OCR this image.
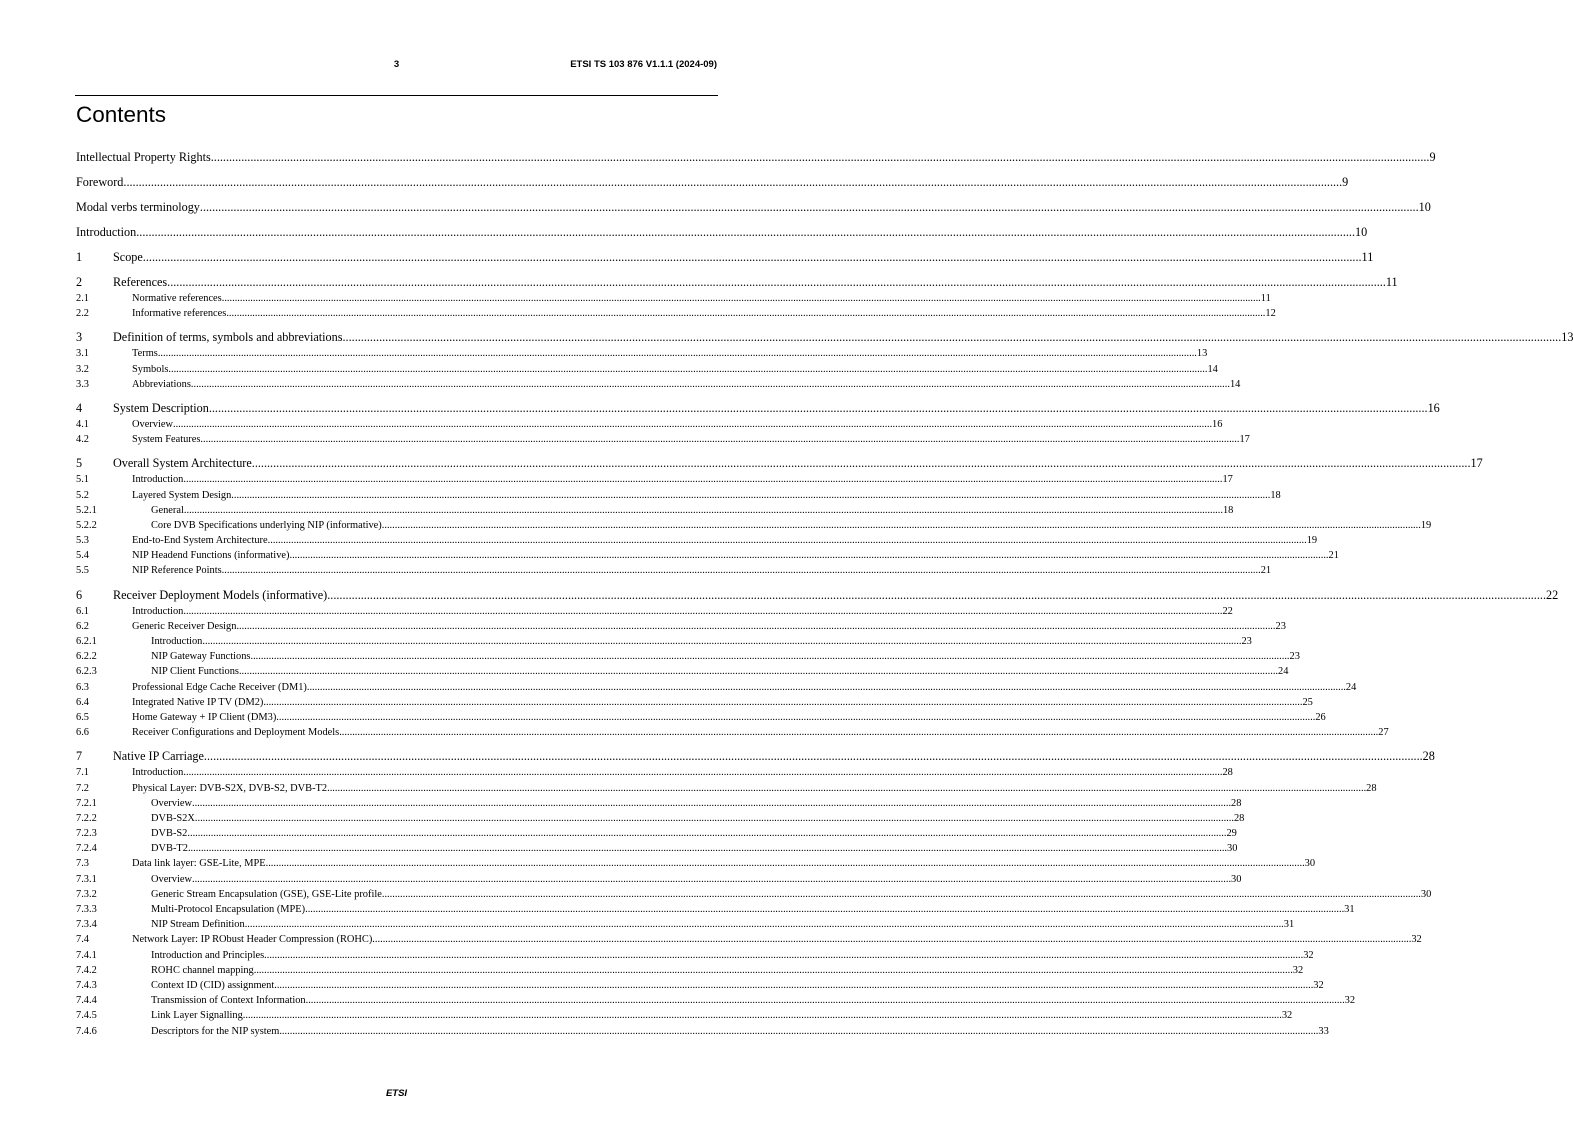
3	ETSI TS 103 876 V1.1.1 (2024-09)
Contents
Intellectual Property Rights ................................................................................................................................................................................................................................................................................................................................................................................................................ 9
Foreword ................................................................................................................................................................................................................................................................................................................................................................................................................ 9
Modal verbs terminology ................................................................................................................................................................................................................................................................................................................................................................................................................ 10
Introduction ................................................................................................................................................................................................................................................................................................................................................................................................................ 10
1	Scope ................................................................................................................................................................................................................................................................................................................................................................................................................ 11
2	References ................................................................................................................................................................................................................................................................................................................................................................................................................ 11
2.1	Normative references ................................................................................................................................................................................................................................................................................................................................................................................................................ 11
2.2	Informative references ................................................................................................................................................................................................................................................................................................................................................................................................................ 12
3	Definition of terms, symbols and abbreviations ................................................................................................................................................................................................................................................................................................................................................................................................................ 13
3.1	Terms ................................................................................................................................................................................................................................................................................................................................................................................................................ 13
3.2	Symbols ................................................................................................................................................................................................................................................................................................................................................................................................................ 14
3.3	Abbreviations ................................................................................................................................................................................................................................................................................................................................................................................................................ 14
4	System Description ................................................................................................................................................................................................................................................................................................................................................................................................................ 16
4.1	Overview ................................................................................................................................................................................................................................................................................................................................................................................................................ 16
4.2	System Features ................................................................................................................................................................................................................................................................................................................................................................................................................ 17
5	Overall System Architecture ................................................................................................................................................................................................................................................................................................................................................................................................................ 17
5.1	Introduction ................................................................................................................................................................................................................................................................................................................................................................................................................ 17
5.2	Layered System Design ................................................................................................................................................................................................................................................................................................................................................................................................................ 18
5.2.1	General ................................................................................................................................................................................................................................................................................................................................................................................................................ 18
5.2.2	Core DVB Specifications underlying NIP (informative) ................................................................................................................................................................................................................................................................................................................................................................................................................ 19
5.3	End-to-End System Architecture ................................................................................................................................................................................................................................................................................................................................................................................................................ 19
5.4	NIP Headend Functions (informative) ................................................................................................................................................................................................................................................................................................................................................................................................................ 21
5.5	NIP Reference Points ................................................................................................................................................................................................................................................................................................................................................................................................................ 21
6	Receiver Deployment Models (informative) ................................................................................................................................................................................................................................................................................................................................................................................................................ 22
6.1	Introduction ................................................................................................................................................................................................................................................................................................................................................................................................................ 22
6.2	Generic Receiver Design ................................................................................................................................................................................................................................................................................................................................................................................................................ 23
6.2.1	Introduction ................................................................................................................................................................................................................................................................................................................................................................................................................ 23
6.2.2	NIP Gateway Functions ................................................................................................................................................................................................................................................................................................................................................................................................................ 23
6.2.3	NIP Client Functions ................................................................................................................................................................................................................................................................................................................................................................................................................ 24
6.3	Professional Edge Cache Receiver (DM1) ................................................................................................................................................................................................................................................................................................................................................................................................................ 24
6.4	Integrated Native IP TV (DM2) ................................................................................................................................................................................................................................................................................................................................................................................................................ 25
6.5	Home Gateway + IP Client (DM3) ................................................................................................................................................................................................................................................................................................................................................................................................................ 26
6.6	Receiver Configurations and Deployment Models ................................................................................................................................................................................................................................................................................................................................................................................................................ 27
7	Native IP Carriage ................................................................................................................................................................................................................................................................................................................................................................................................................ 28
7.1	Introduction ................................................................................................................................................................................................................................................................................................................................................................................................................ 28
7.2	Physical Layer: DVB-S2X, DVB-S2, DVB-T2 ................................................................................................................................................................................................................................................................................................................................................................................................................ 28
7.2.1	Overview ................................................................................................................................................................................................................................................................................................................................................................................................................ 28
7.2.2	DVB-S2X ................................................................................................................................................................................................................................................................................................................................................................................................................ 28
7.2.3	DVB-S2 ................................................................................................................................................................................................................................................................................................................................................................................................................ 29
7.2.4	DVB-T2 ................................................................................................................................................................................................................................................................................................................................................................................................................ 30
7.3	Data link layer: GSE-Lite, MPE ................................................................................................................................................................................................................................................................................................................................................................................................................ 30
7.3.1	Overview ................................................................................................................................................................................................................................................................................................................................................................................................................ 30
7.3.2	Generic Stream Encapsulation (GSE), GSE-Lite profile ................................................................................................................................................................................................................................................................................................................................................................................................................ 30
7.3.3	Multi-Protocol Encapsulation (MPE) ................................................................................................................................................................................................................................................................................................................................................................................................................ 31
7.3.4	NIP Stream Definition ................................................................................................................................................................................................................................................................................................................................................................................................................ 31
7.4	Network Layer: IP RObust Header Compression (ROHC) ................................................................................................................................................................................................................................................................................................................................................................................................................ 32
7.4.1	Introduction and Principles ................................................................................................................................................................................................................................................................................................................................................................................................................ 32
7.4.2	ROHC channel mapping ................................................................................................................................................................................................................................................................................................................................................................................................................ 32
7.4.3	Context ID (CID) assignment ................................................................................................................................................................................................................................................................................................................................................................................................................ 32
7.4.4	Transmission of Context Information ................................................................................................................................................................................................................................................................................................................................................................................................................ 32
7.4.5	Link Layer Signalling ................................................................................................................................................................................................................................................................................................................................................................................................................ 32
7.4.6	Descriptors for the NIP system ................................................................................................................................................................................................................................................................................................................................................................................................................ 33
ETSI
